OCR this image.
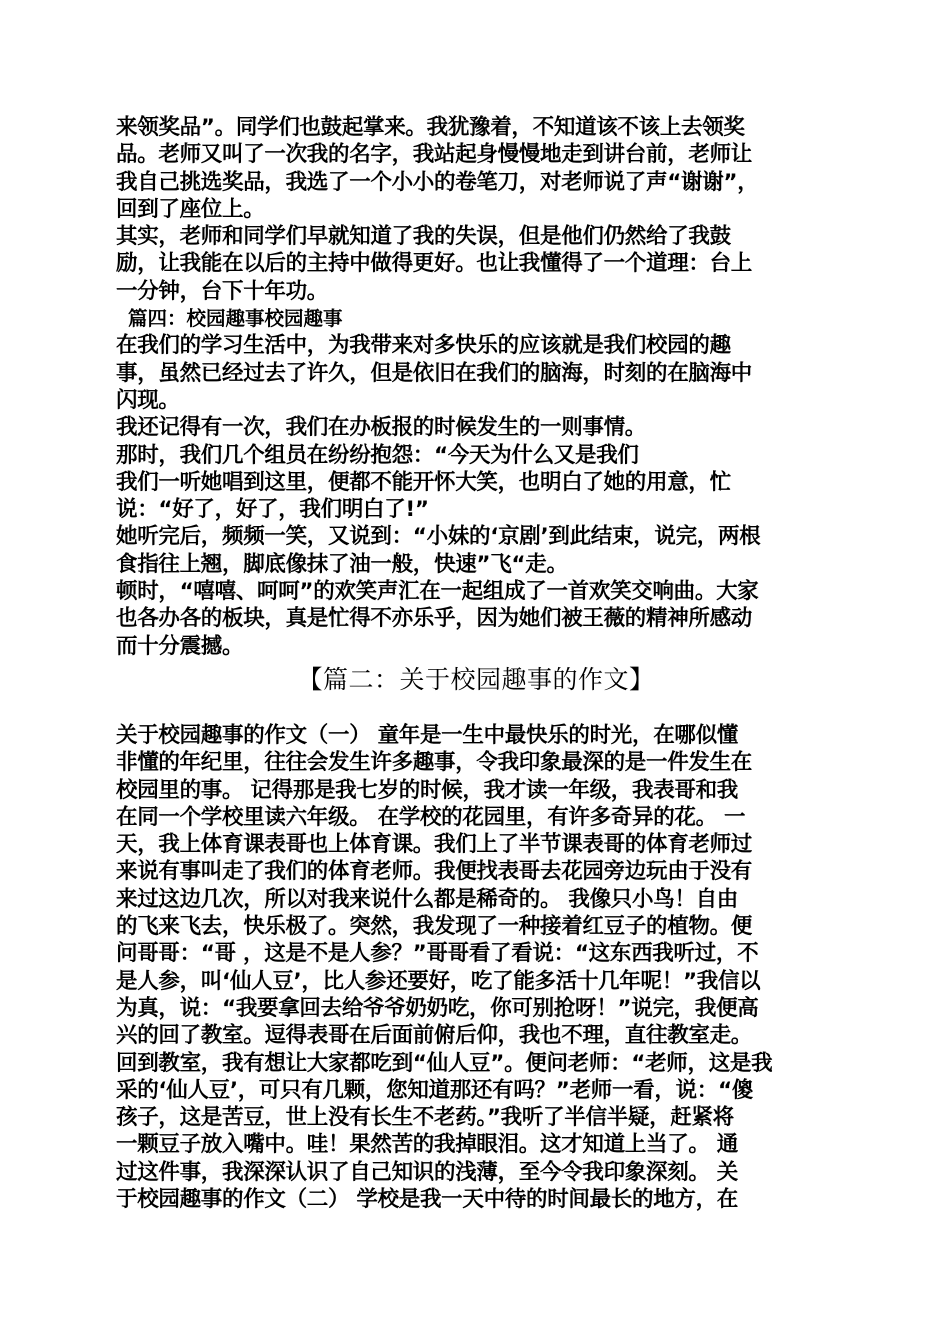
来领奖品”。同学们也鼓起掌来。我犹豫着，不知道该不该上去领奖
品。老师又叫了一次我的名字，我站起身慢慢地走到讲台前，老师让
我自己挑选奖品，我选了一个小小的卷笔刀，对老师说了声“谢谢”，
回到了座位上。

其实，老师和同学们早就知道了我的失误，但是他们仍然给了我鼓
励，让我能在以后的主持中做得更好。也让我懂得了一个道理：台上
一分钟，台下十年功。

篇四：校园趣事校园趣事

在我们的学习生活中，为我带来对多快乐的应该就是我们校园的趣
事，虽然已经过去了许久，但是依旧在我们的脑海，时刻的在脑海中
闪现。

我还记得有一次，我们在办板报的时候发生的一则事情。

那时，我们几个组员在纷纷抱怨：“今天为什么又是我们

我们一听她唱到这里，便都不能开怀大笑，也明白了她的用意，忙
说：“好了，好了，我们明白了!”

她听完后，频频一笑，又说到：“小妹的‘京剧’到此结束，说完，两根
食指往上翘，脚底像抹了油一般，快速”飞“走。

顿时，“嘻嘻、呵呵”的欢笑声汇在一起组成了一首欢笑交响曲。大家
也各办各的板块，真是忙得不亦乐乎，因为她们被王薇的精神所感动
而十分震撼。

【篇二：关于校园趣事的作文】

关于校园趣事的作文（一） 童年是一生中最快乐的时光，在哪似懂
非懂的年纪里，往往会发生许多趣事，令我印象最深的是一件发生在
校园里的事。 记得那是我七岁的时候，我才读一年级，我表哥和我
在同一个学校里读六年级。 在学校的花园里，有许多奇异的花。 一
天，我上体育课表哥也上体育课。我们上了半节课表哥的体育老师过
来说有事叫走了我们的体育老师。我便找表哥去花园旁边玩由于没有
来过这边几次，所以对我来说什么都是稀奇的。 我像只小鸟！自由
的飞来飞去，快乐极了。突然，我发现了一种接着红豆子的植物。便
问哥哥：“哥 ，这是不是人参？”哥哥看了看说：“这东西我听过，不
是人参，叫‘仙人豆’，比人参还要好，吃了能多活十几年呢！”我信以
为真，说：“我要拿回去给爷爷奶奶吃，你可别抢呀！”说完，我便高
兴的回了教室。逗得表哥在后面前俯后仰，我也不理，直往教室走。
回到教室，我有想让大家都吃到“仙人豆”。便问老师：“老师，这是我
采的‘仙人豆’，可只有几颗，您知道那还有吗？”老师一看，说：“傻
孩子，这是苦豆，世上没有长生不老药。”我听了半信半疑，赶紧将
一颗豆子放入嘴中。哇！果然苦的我掉眼泪。这才知道上当了。 通
过这件事，我深深认识了自己知识的浅薄，至今令我印象深刻。 关
于校园趣事的作文（二） 学校是我一天中待的时间最长的地方，在
